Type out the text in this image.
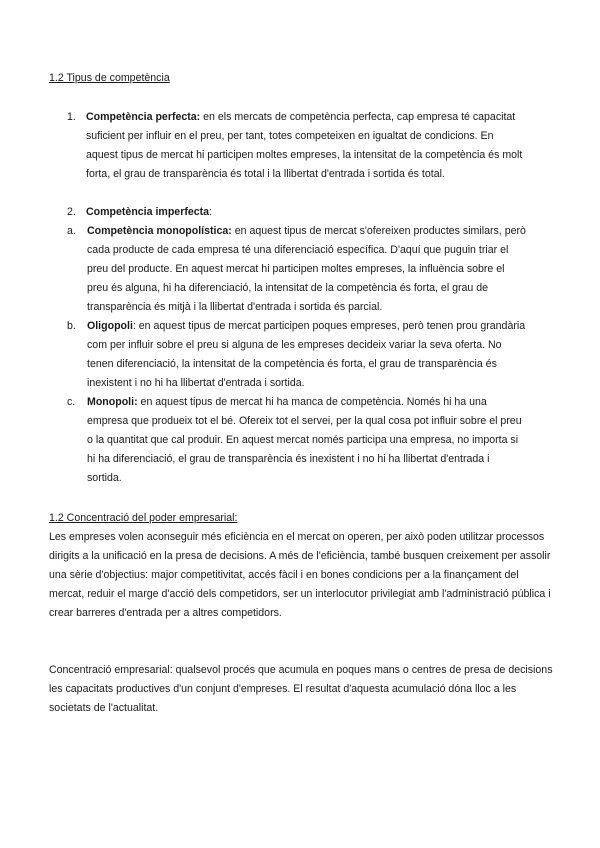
1.2 Tipus de competència
1. Competència perfecta: en els mercats de competència perfecta, cap empresa té capacitat suficient per influir en el preu, per tant, totes competeixen en igualtat de condicions. En aquest tipus de mercat hi participen moltes empreses, la intensitat de la competència és molt forta, el grau de transparència és total i la llibertat d'entrada i sortida és total.
2. Competència imperfecta:
a.	Competència monopolística: en aquest tipus de mercat s'ofereixen productes similars, però cada producte de cada empresa té una diferenciació específica. D'aquí que puguin triar el preu del producte. En aquest mercat hi participen moltes empreses, la influència sobre el preu és alguna, hi ha diferenciació, la intensitat de la competència és forta, el grau de transparència és mitjà i la llibertat d'entrada i sortida és parcial.
b.	Oligopoli: en aquest tipus de mercat participen poques empreses, però tenen prou grandària com per influir sobre el preu si alguna de les empreses decideix variar la seva oferta. No tenen diferenciació, la intensitat de la competència és forta, el grau de transparència és inexistent i no hi ha llibertat d'entrada i sortida.
c.	Monopoli: en aquest tipus de mercat hi ha manca de competència. Només hi ha una empresa que produeix tot el bé. Ofereix tot el servei, per la qual cosa pot influir sobre el preu o la quantitat que cal produir. En aquest mercat només participa una empresa, no importa si hi ha diferenciació, el grau de transparència és inexistent i no hi ha llibertat d'entrada i sortida.
1.2 Concentració del poder empresarial:
Les empreses volen aconseguir més eficiència en el mercat on operen, per això poden utilitzar processos dirigits a la unificació en la presa de decisions. A més de l'eficiència, també busquen creixement per assolir una sèrie d'objectius: major competitivitat, accés fàcil i en bones condicions per a la finançament del mercat, reduir el marge d'acció dels competidors, ser un interlocutor privilegiat amb l'administració pública i crear barreres d'entrada per a altres competidors.
Concentració empresarial: qualsevol procés que acumula en poques mans o centres de presa de decisions les capacitats productives d'un conjunt d'empreses. El resultat d'aquesta acumulació dóna lloc a les societats de l'actualitat.
